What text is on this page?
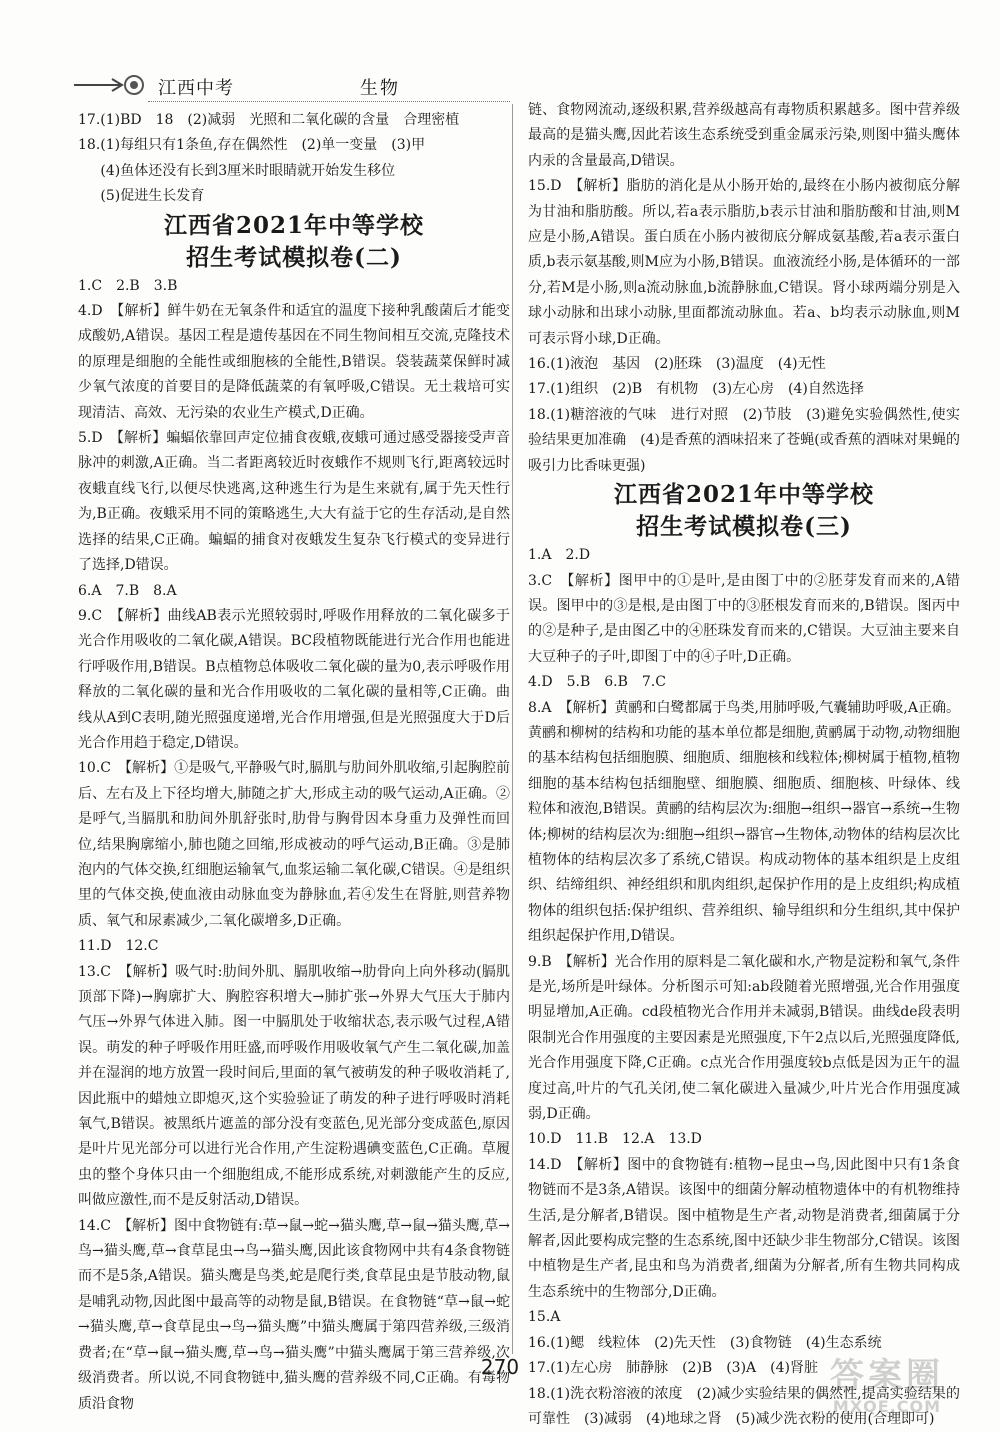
江西中考	生物
17.(1)BD　18　(2)减弱　光照和二氧化碳的含量　合理密植
18.(1)每组只有1条鱼,存在偶然性　(2)单一变量　(3)甲
(4)鱼体还没有长到3厘米时眼睛就开始发生移位
(5)促进生长发育
江西省2021年中等学校
招生考试模拟卷(二)
1.C　2.B　3.B
4.D　【解析】鲜牛奶在无氧条件和适宜的温度下接种乳酸菌后才能变成酸奶,A错误。基因工程是遗传基因在不同生物间相互交流,克隆技术的原理是细胞的全能性或细胞核的全能性,B错误。袋装蔬菜保鲜时减少氧气浓度的首要目的是降低蔬菜的有氧呼吸,C错误。无土栽培可实现清洁、高效、无污染的农业生产模式,D正确。
5.D　【解析】蝙蝠依靠回声定位捕食夜蛾,夜蛾可通过感受器接受声音脉冲的刺激,A正确。当二者距离较近时夜蛾作不规则飞行,距离较远时夜蛾直线飞行,以便尽快逃离,这种逃生行为是生来就有,属于先天性行为,B正确。夜蛾采用不同的策略逃生,大大有益于它的生存活动,是自然选择的结果,C正确。蝙蝠的捕食对夜蛾发生复杂飞行模式的变异进行了选择,D错误。
6.A　7.B　8.A
9.C　【解析】曲线AB表示光照较弱时,呼吸作用释放的二氧化碳多于光合作用吸收的二氧化碳,A错误。BC段植物既能进行光合作用也能进行呼吸作用,B错误。B点植物总体吸收二氧化碳的量为0,表示呼吸作用释放的二氧化碳的量和光合作用吸收的二氧化碳的量相等,C正确。曲线从A到C表明,随光照强度递增,光合作用增强,但是光照强度大于D后光合作用趋于稳定,D错误。
10.C　【解析】①是吸气,平静吸气时,膈肌与肋间外肌收缩,引起胸腔前后、左右及上下径均增大,肺随之扩大,形成主动的吸气运动,A正确。②是呼气,当膈肌和肋间外肌舒张时,肋骨与胸骨因本身重力及弹性而回位,结果胸廓缩小,肺也随之回缩,形成被动的呼气运动,B正确。③是肺泡内的气体交换,红细胞运输氧气,血浆运输二氧化碳,C错误。④是组织里的气体交换,使血液由动脉血变为静脉血,若④发生在肾脏,则营养物质、氧气和尿素减少,二氧化碳增多,D正确。
11.D　12.C
13.C　【解析】吸气时:肋间外肌、膈肌收缩→肋骨向上向外移动(膈肌顶部下降)→胸廓扩大、胸腔容积增大→肺扩张→外界大气压大于肺内气压→外界气体进入肺。图一中膈肌处于收缩状态,表示吸气过程,A错误。萌发的种子呼吸作用旺盛,而呼吸作用吸收氧气产生二氧化碳,加盖并在湿润的地方放置一段时间后,里面的氧气被萌发的种子吸收消耗了,因此瓶中的蜡烛立即熄灭,这个实验验证了萌发的种子进行呼吸时消耗氧气,B错误。被黑纸片遮盖的部分没有变蓝色,见光部分变成蓝色,原因是叶片见光部分可以进行光合作用,产生淀粉遇碘变蓝色,C正确。草履虫的整个身体只由一个细胞组成,不能形成系统,对刺激能产生的反应,叫做应激性,而不是反射活动,D错误。
14.C　【解析】图中食物链有:草→鼠→蛇→猫头鹰,草→鼠→猫头鹰,草→鸟→猫头鹰,草→食草昆虫→鸟→猫头鹰,因此该食物网中共有4条食物链而不是5条,A错误。猫头鹰是鸟类,蛇是爬行类,食草昆虫是节肢动物,鼠是哺乳动物,因此图中最高等的动物是鼠,B错误。在食物链“草→鼠→蛇→猫头鹰,草→食草昆虫→鸟→猫头鹰”中猫头鹰属于第四营养级,三级消费者;在“草→鼠→猫头鹰,草→鸟→猫头鹰”中猫头鹰属于第三营养级,次级消费者。所以说,不同食物链中,猫头鹰的营养级不同,C正确。有毒物质沿食物
链、食物网流动,逐级积累,营养级越高有毒物质积累越多。图中营养级最高的是猫头鹰,因此若该生态系统受到重金属汞污染,则图中猫头鹰体内汞的含量最高,D错误。
15.D　【解析】脂肪的消化是从小肠开始的,最终在小肠内被彻底分解为甘油和脂肪酸。所以,若a表示脂肪,b表示甘油和脂肪酸和甘油,则M应是小肠,A错误。蛋白质在小肠内被彻底分解成氨基酸,若a表示蛋白质,b表示氨基酸,则M应为小肠,B错误。血液流经小肠,是体循环的一部分,若M是小肠,则a流动脉血,b流静脉血,C错误。肾小球两端分别是入球小动脉和出球小动脉,里面都流动脉血。若a、b均表示动脉血,则M可表示肾小球,D正确。
16.(1)液泡　基因　(2)胚珠　(3)温度　(4)无性
17.(1)组织　(2)B　有机物　(3)左心房　(4)自然选择
18.(1)糖溶液的气味　进行对照　(2)节肢　(3)避免实验偶然性,使实验结果更加准确　(4)是香蕉的酒味招来了苍蝇(或香蕉的酒味对果蝇的吸引力比香味更强)
江西省2021年中等学校
招生考试模拟卷(三)
1.A　2.D
3.C　【解析】图甲中的①是叶,是由图丁中的②胚芽发育而来的,A错误。图甲中的③是根,是由图丁中的③胚根发育而来的,B错误。图丙中的②是种子,是由图乙中的④胚珠发育而来的,C错误。大豆油主要来自大豆种子的子叶,即图丁中的④子叶,D正确。
4.D　5.B　6.B　7.C
8.A　【解析】黄鹂和白鹭都属于鸟类,用肺呼吸,气囊辅助呼吸,A正确。黄鹂和柳树的结构和功能的基本单位都是细胞,黄鹂属于动物,动物细胞的基本结构包括细胞膜、细胞质、细胞核和线粒体;柳树属于植物,植物细胞的基本结构包括细胞壁、细胞膜、细胞质、细胞核、叶绿体、线粒体和液泡,B错误。黄鹂的结构层次为:细胞→组织→器官→系统→生物体;柳树的结构层次为:细胞→组织→器官→生物体,动物体的结构层次比植物体的结构层次多了系统,C错误。构成动物体的基本组织是上皮组织、结缔组织、神经组织和肌肉组织,起保护作用的是上皮组织;构成植物体的组织包括:保护组织、营养组织、输导组织和分生组织,其中保护组织起保护作用,D错误。
9.B　【解析】光合作用的原料是二氧化碳和水,产物是淀粉和氧气,条件是光,场所是叶绿体。分析图示可知:ab段随着光照增强,光合作用强度明显增加,A正确。cd段植物光合作用并未减弱,B错误。曲线de段表明限制光合作用强度的主要因素是光照强度,下午2点以后,光照强度降低,光合作用强度下降,C正确。c点光合作用强度较b点低是因为正午的温度过高,叶片的气孔关闭,使二氧化碳进入量减少,叶片光合作用强度减弱,D正确。
10.D　11.B　12.A　13.D
14.D　【解析】图中的食物链有:植物→昆虫→鸟,因此图中只有1条食物链而不是3条,A错误。该图中的细菌分解动植物遗体中的有机物维持生活,是分解者,B错误。图中植物是生产者,动物是消费者,细菌属于分解者,因此要构成完整的生态系统,图中还缺少非生物部分,C错误。该图中植物是生产者,昆虫和鸟为消费者,细菌为分解者,所有生物共同构成生态系统中的生物部分,D正确。
15.A
16.(1)鳃　线粒体　(2)先天性　(3)食物链　(4)生态系统
17.(1)左心房　肺静脉　(2)B　(3)A　(4)肾脏
18.(1)洗衣粉溶液的浓度　(2)减少实验结果的偶然性,提高实验结果的可靠性　(3)减弱　(4)地球之肾　(5)减少洗衣粉的使用(合理即可)
270	答案圈
MXQE.COM
